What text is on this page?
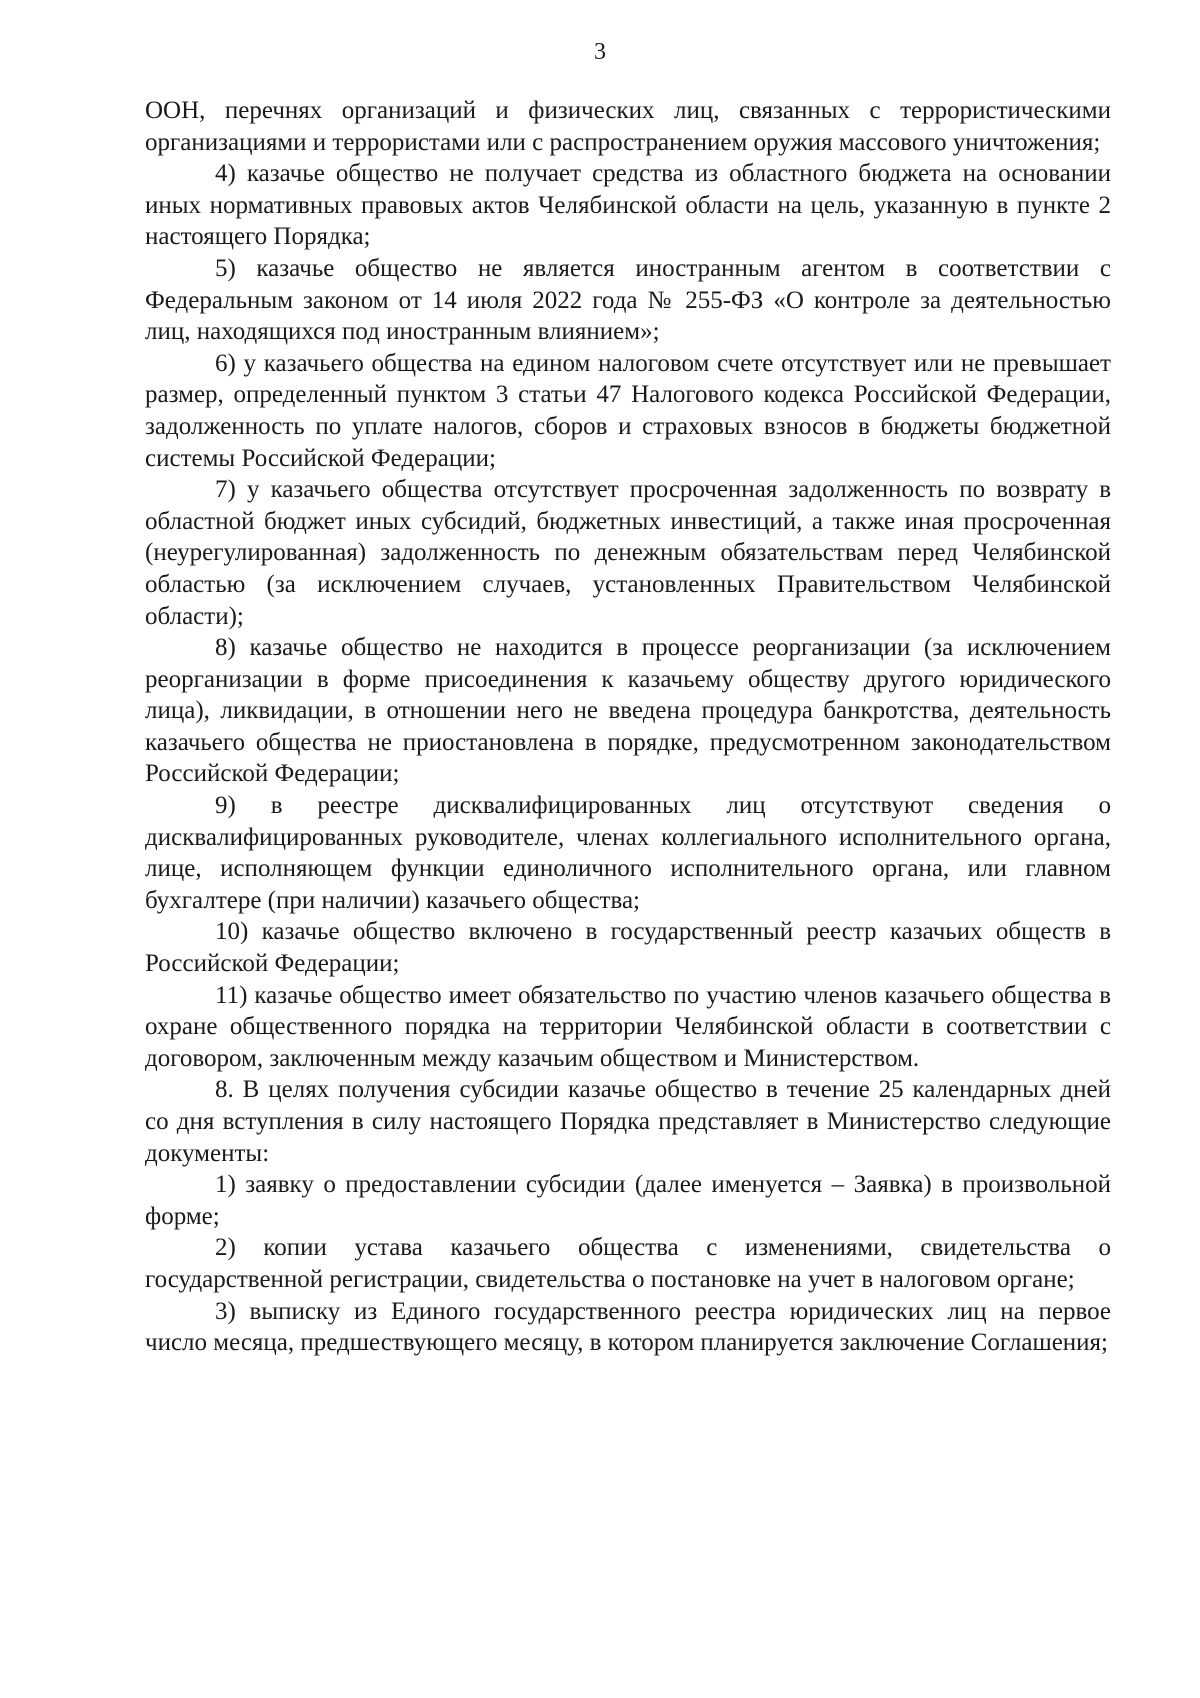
3

ООН, перечнях организаций и физических лиц, связанных с террористическими организациями и террористами или с распространением оружия массового уничтожения;

4) казачье общество не получает средства из областного бюджета на основании иных нормативных правовых актов Челябинской области на цель, указанную в пункте 2 настоящего Порядка;

5) казачье общество не является иностранным агентом в соответствии с Федеральным законом от 14 июля 2022 года № 255-ФЗ «О контроле за деятельностью лиц, находящихся под иностранным влиянием»;

6) у казачьего общества на едином налоговом счете отсутствует или не превышает размер, определенный пунктом 3 статьи 47 Налогового кодекса Российской Федерации, задолженность по уплате налогов, сборов и страховых взносов в бюджеты бюджетной системы Российской Федерации;

7) у казачьего общества отсутствует просроченная задолженность по возврату в областной бюджет иных субсидий, бюджетных инвестиций, а также иная просроченная (неурегулированная) задолженность по денежным обязательствам перед Челябинской областью (за исключением случаев, установленных Правительством Челябинской области);

8) казачье общество не находится в процессе реорганизации (за исключением реорганизации в форме присоединения к казачьему обществу другого юридического лица), ликвидации, в отношении него не введена процедура банкротства, деятельность казачьего общества не приостановлена в порядке, предусмотренном законодательством Российской Федерации;

9) в реестре дисквалифицированных лиц отсутствуют сведения о дисквалифицированных руководителе, членах коллегиального исполнительного органа, лице, исполняющем функции единоличного исполнительного органа, или главном бухгалтере (при наличии) казачьего общества;

10) казачье общество включено в государственный реестр казачьих обществ в Российской Федерации;

11) казачье общество имеет обязательство по участию членов казачьего общества в охране общественного порядка на территории Челябинской области в соответствии с договором, заключенным между казачьим обществом и Министерством.

8. В целях получения субсидии казачье общество в течение 25 календарных дней со дня вступления в силу настоящего Порядка представляет в Министерство следующие документы:

1) заявку о предоставлении субсидии (далее именуется – Заявка) в произвольной форме;

2) копии устава казачьего общества с изменениями, свидетельства о государственной регистрации, свидетельства о постановке на учет в налоговом органе;

3) выписку из Единого государственного реестра юридических лиц на первое число месяца, предшествующего месяцу, в котором планируется заключение Соглашения;
